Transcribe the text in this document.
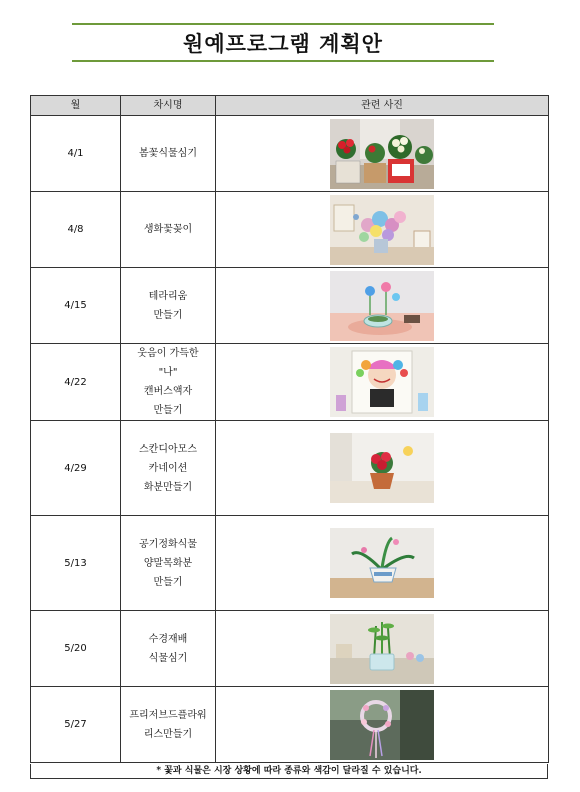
원예프로그램 계획안
월	차시명	관련 사진
4/1	봄꽃식물심기

4/8	생화꽃꽂이

4/15	테라리움
만들기

4/22	웃음이 가득한
"나"
캔버스액자
만들기

4/29	스칸디아모스
카네이션
화분만들기

5/13	공기정화식물
양말목화분
만들기

5/20	수경재배
식물심기

5/27	프리저브드플라워
리스만들기

* 꽃과 식물은 시장 상황에 따라 종류와 색감이 달라질 수 있습니다.
